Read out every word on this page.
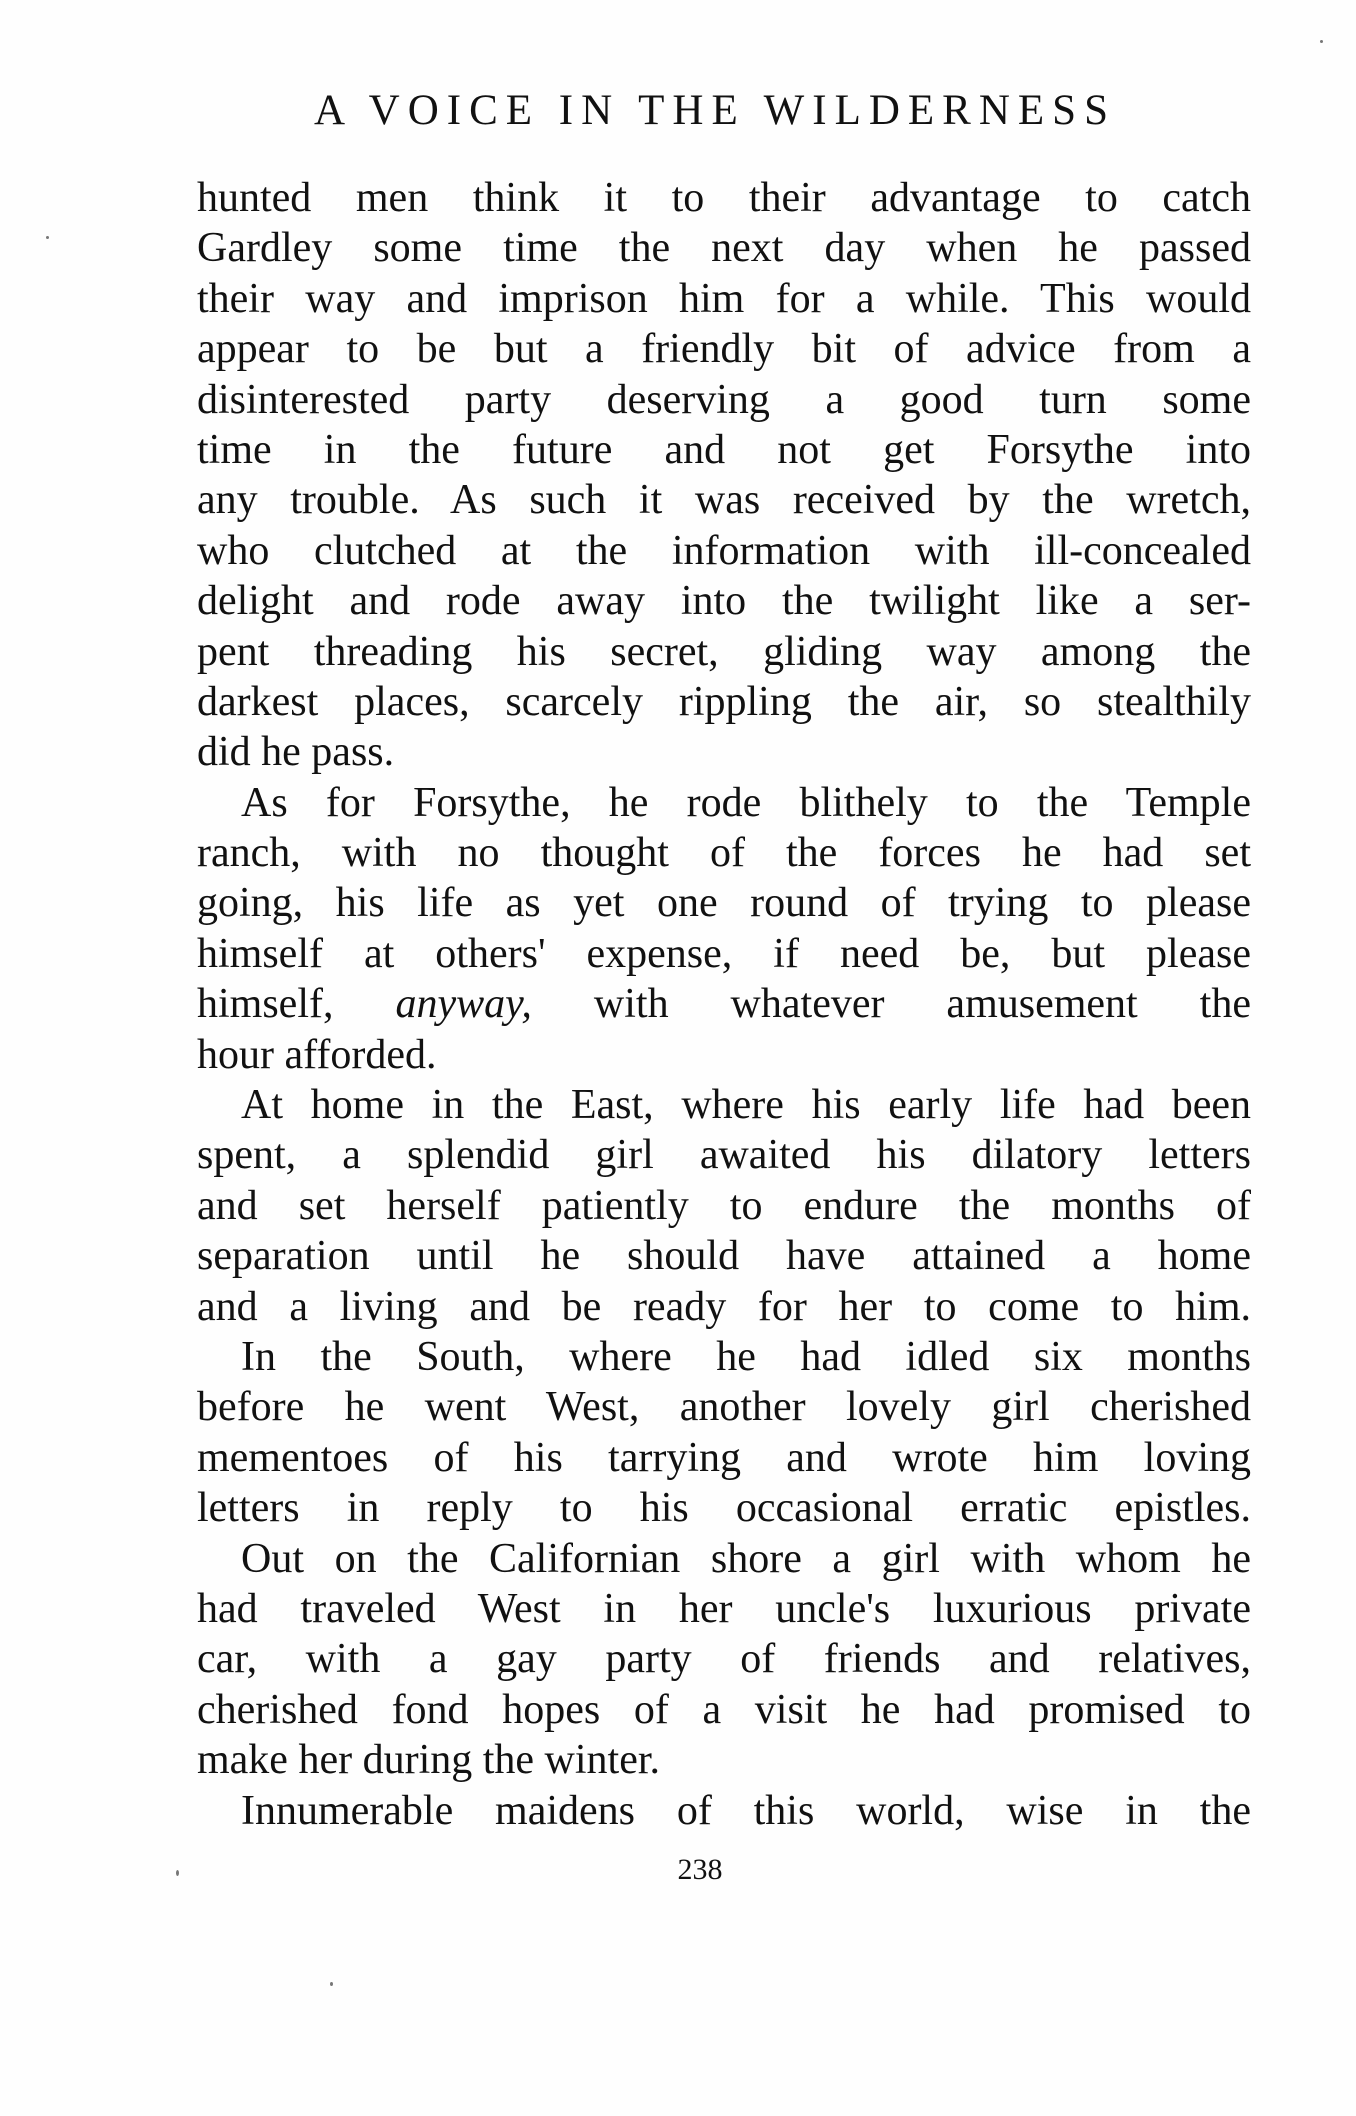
A VOICE IN THE WILDERNESS
hunted men think it to their advantage to catch
Gardley some time the next day when he passed
their way and imprison him for a while. This would
appear to be but a friendly bit of advice from a
disinterested party deserving a good turn some
time in the future and not get Forsythe into
any trouble. As such it was received by the wretch,
who clutched at the information with ill-concealed
delight and rode away into the twilight like a ser-
pent threading his secret, gliding way among the
darkest places, scarcely rippling the air, so stealthily
did he pass.
As for Forsythe, he rode blithely to the Temple
ranch, with no thought of the forces he had set
going, his life as yet one round of trying to please
himself at others' expense, if need be, but please
himself, anyway, with whatever amusement the
hour afforded.
At home in the East, where his early life had been
spent, a splendid girl awaited his dilatory letters
and set herself patiently to endure the months of
separation until he should have attained a home
and a living and be ready for her to come to him.
In the South, where he had idled six months
before he went West, another lovely girl cherished
mementoes of his tarrying and wrote him loving
letters in reply to his occasional erratic epistles.
Out on the Californian shore a girl with whom he
had traveled West in her uncle's luxurious private
car, with a gay party of friends and relatives,
cherished fond hopes of a visit he had promised to
make her during the winter.
Innumerable maidens of this world, wise in the
238
